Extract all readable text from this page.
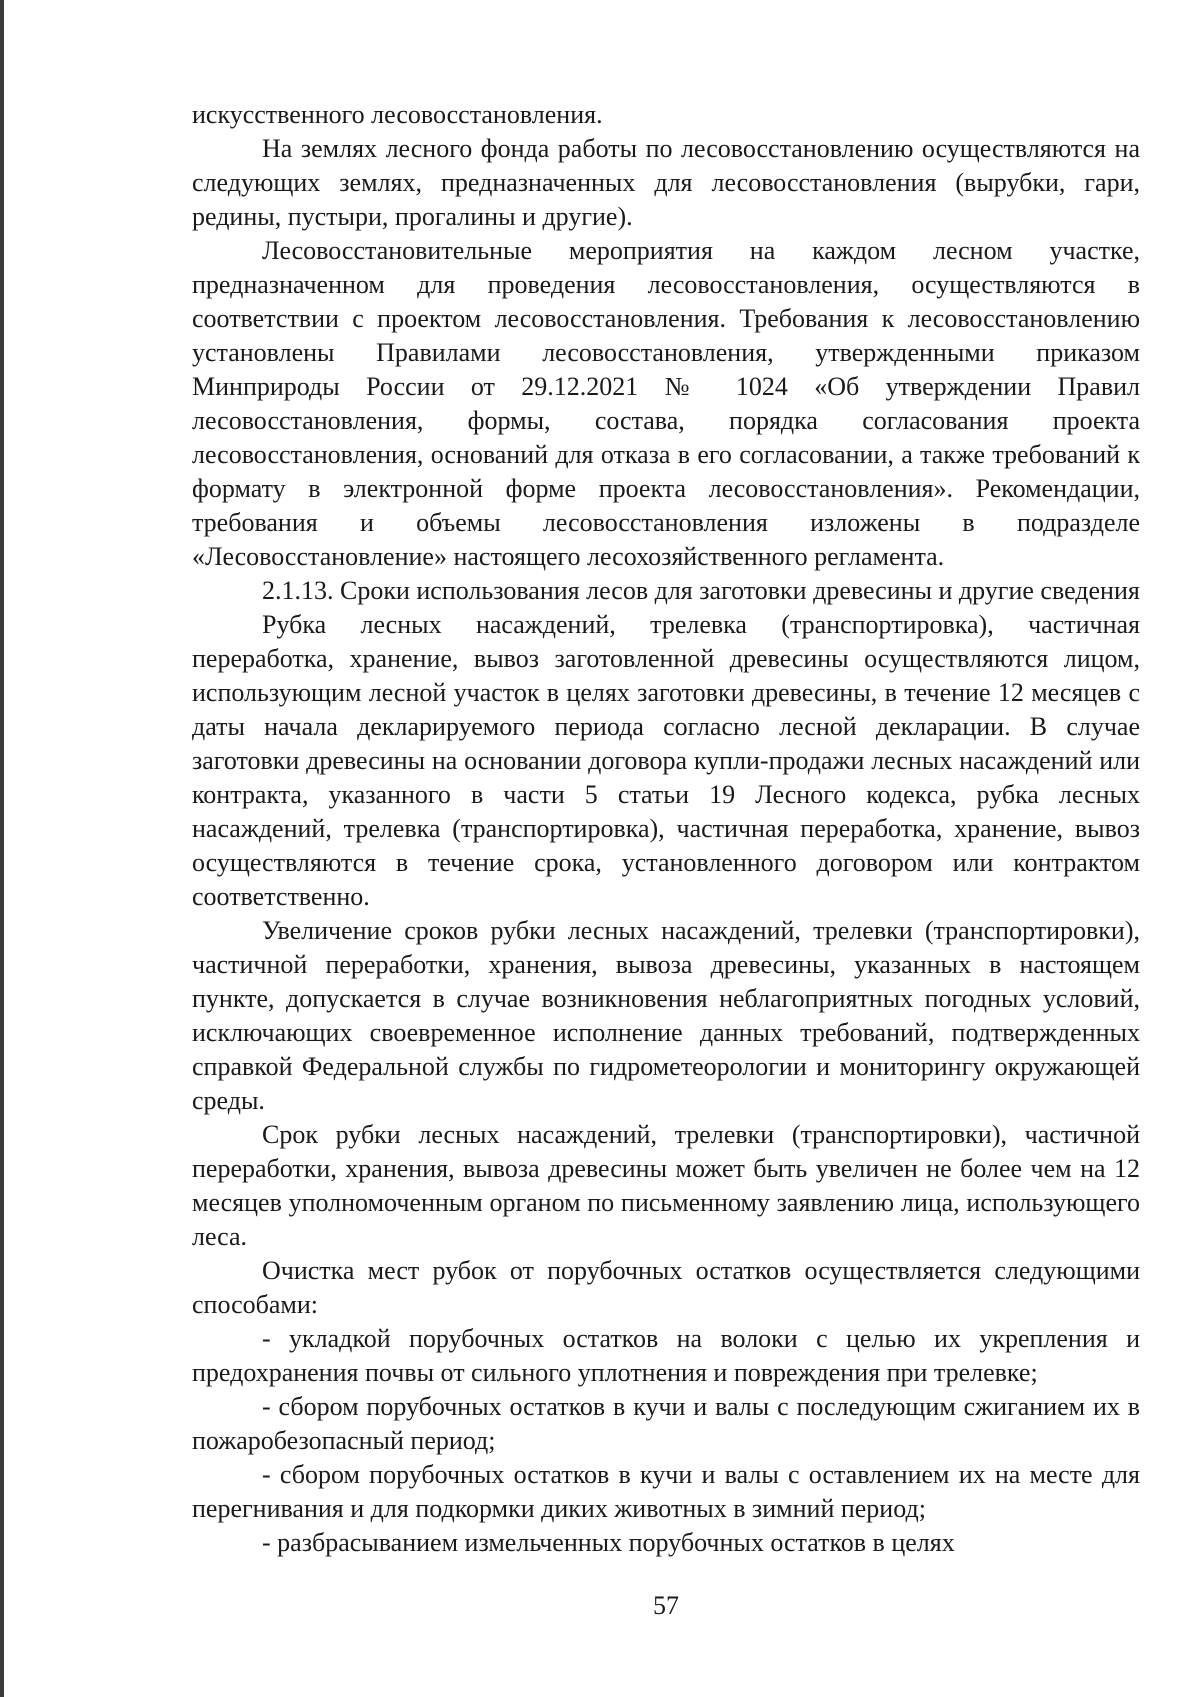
искусственного лесовосстановления.

На землях лесного фонда работы по лесовосстановлению осуществляются на следующих землях, предназначенных для лесовосстановления (вырубки, гари, редины, пустыри, прогалины и другие).

Лесовосстановительные мероприятия на каждом лесном участке, предназначенном для проведения лесовосстановления, осуществляются в соответствии с проектом лесовосстановления. Требования к лесовосстановлению установлены Правилами лесовосстановления, утвержденными приказом Минприроды России от 29.12.2021 № 1024 «Об утверждении Правил лесовосстановления, формы, состава, порядка согласования проекта лесовосстановления, оснований для отказа в его согласовании, а также требований к формату в электронной форме проекта лесовосстановления». Рекомендации, требования и объемы лесовосстановления изложены в подразделе «Лесовосстановление» настоящего лесохозяйственного регламента.

2.1.13. Сроки использования лесов для заготовки древесины и другие сведения

Рубка лесных насаждений, трелевка (транспортировка), частичная переработка, хранение, вывоз заготовленной древесины осуществляются лицом, использующим лесной участок в целях заготовки древесины, в течение 12 месяцев с даты начала декларируемого периода согласно лесной декларации. В случае заготовки древесины на основании договора купли-продажи лесных насаждений или контракта, указанного в части 5 статьи 19 Лесного кодекса, рубка лесных насаждений, трелевка (транспортировка), частичная переработка, хранение, вывоз осуществляются в течение срока, установленного договором или контрактом соответственно.

Увеличение сроков рубки лесных насаждений, трелевки (транспортировки), частичной переработки, хранения, вывоза древесины, указанных в настоящем пункте, допускается в случае возникновения неблагоприятных погодных условий, исключающих своевременное исполнение данных требований, подтвержденных справкой Федеральной службы по гидрометеорологии и мониторингу окружающей среды.

Срок рубки лесных насаждений, трелевки (транспортировки), частичной переработки, хранения, вывоза древесины может быть увеличен не более чем на 12 месяцев уполномоченным органом по письменному заявлению лица, использующего леса.

Очистка мест рубок от порубочных остатков осуществляется следующими способами:

- укладкой порубочных остатков на волоки с целью их укрепления и предохранения почвы от сильного уплотнения и повреждения при трелевке;

- сбором порубочных остатков в кучи и валы с последующим сжиганием их в пожаробезопасный период;

- сбором порубочных остатков в кучи и валы с оставлением их на месте для перегнивания и для подкормки диких животных в зимний период;

- разбрасыванием измельченных порубочных остатков в целях

57
